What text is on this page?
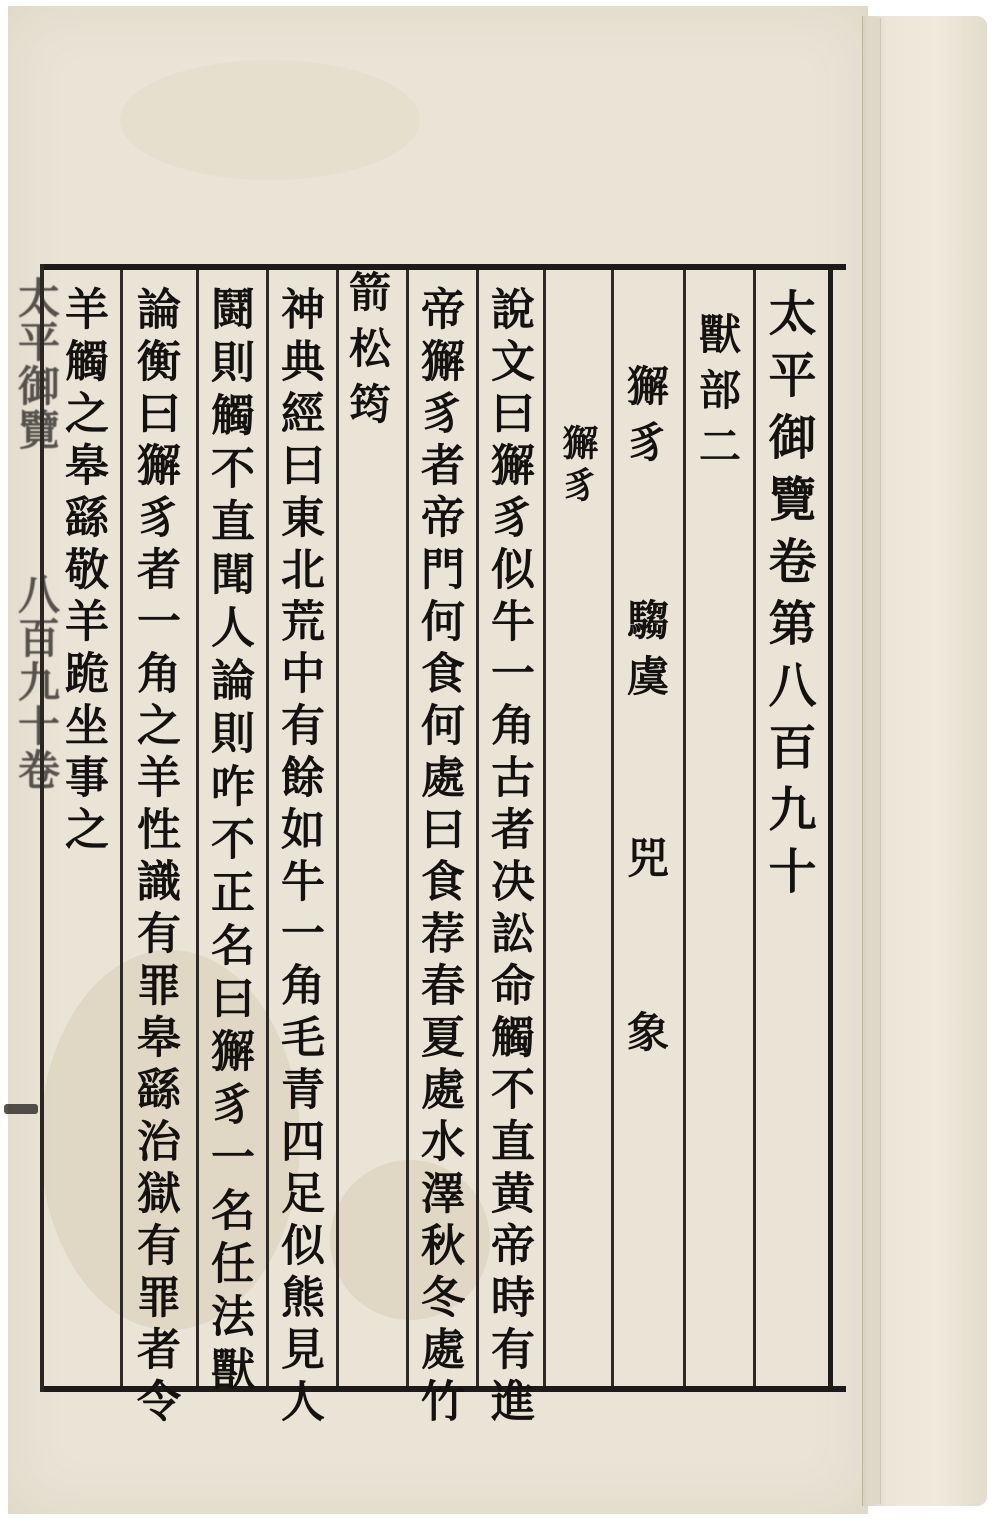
太平御覽卷第八百九十
獸部二
獬豸
騶虞
兕
象
獬豸
說文曰獬豸似牛一角古者决訟命觸不直黄帝時有進
帝獬豸者帝門何食何處曰食荐春夏處水澤秋冬處竹
箭松筠
神典經曰東北荒中有餘如牛一角毛青四足似熊見人
鬪則觸不直聞人論則咋不正名曰獬豸一名任法獸
論衡曰獬豸者一角之羊性識有罪皋繇治獄有罪者令
羊觸之皋繇敬羊跪坐事之
太平御覽八百九十卷
